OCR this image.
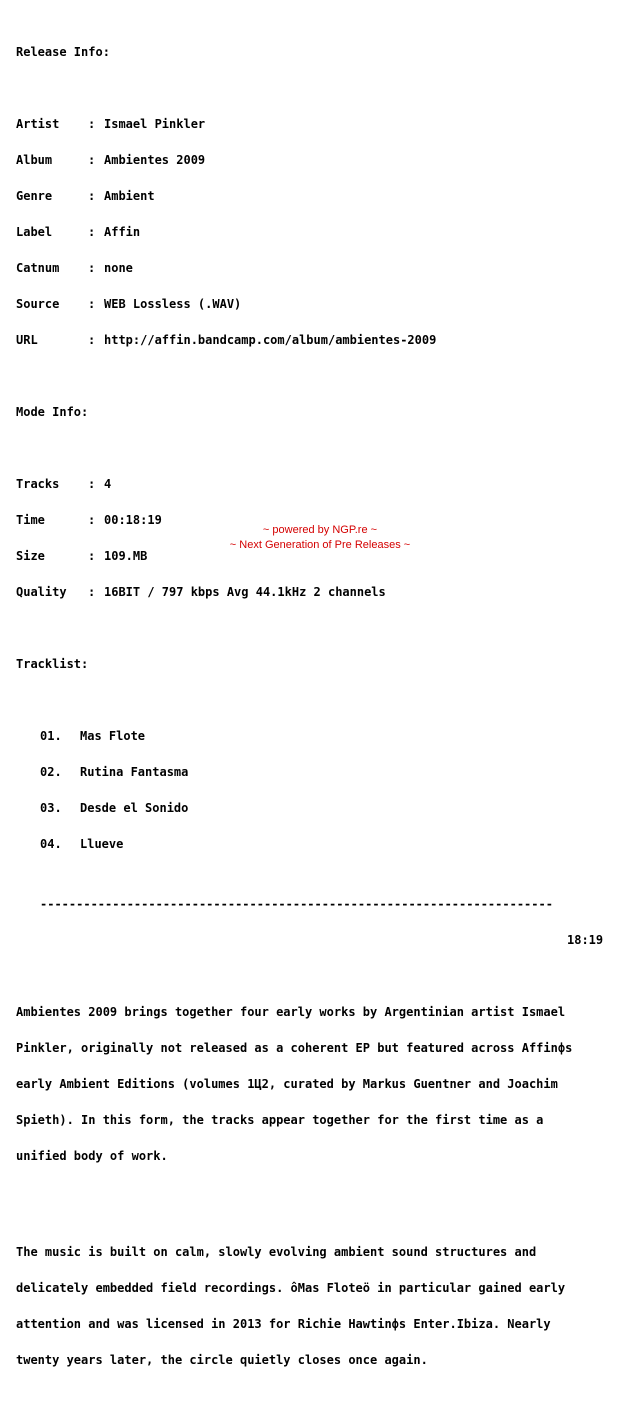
Release Info:

Artist : Ismael Pinkler

Album	: Ambientes 2009

Genre	: Ambient

Label	: Affin

Catnum : none

Source : WEB Lossless (.WAV)

URL	: http://affin.bandcamp.com/album/ambientes-2009

Mode Info:

Tracks : 4

Time	: 00:18:19

Size	: 109.MB

Quality : 16BIT / 797 kbps Avg 44.1kHz 2 channels

Tracklist:

01. Mas Flote

02. Rutina Fantasma

03. Desde el Sonido

04. Llueve

-----------------------------------------------------------------------

18:19

Ambientes 2009 brings together four early works by Argentinian artist Ismael

Pinkler, originally not released as a coherent EP but featured across Affinфs

early Ambient Editions (volumes 1Ц2, curated by Markus Guentner and Joachim

Spieth). In this form, the tracks appear together for the first time as a

unified body of work.

The music is built on calm, slowly evolving ambient sound structures and

delicately embedded field recordings. ôMas Floteö in particular gained early

attention and was licensed in 2013 for Richie Hawtinфs Enter.Ibiza. Nearly

twenty years later, the circle quietly closes once again.

~ powered by NGP.re ~
~ Next Generation of Pre Releases ~
